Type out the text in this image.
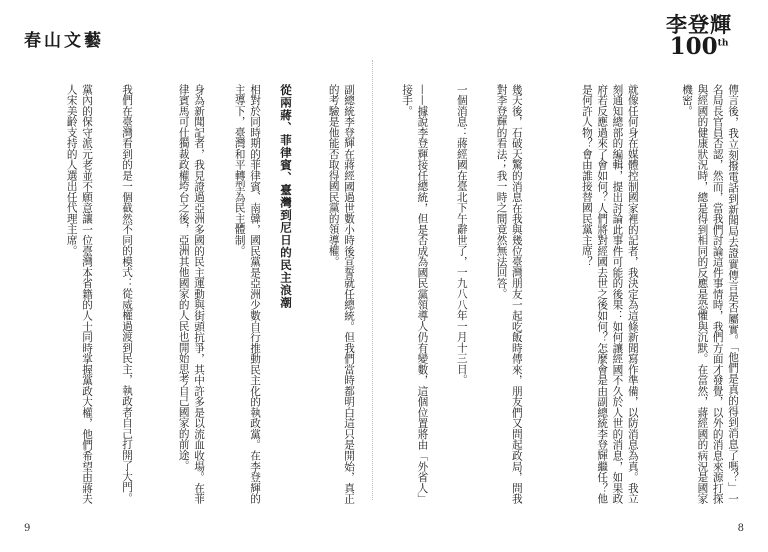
春山文藝
李登輝
100th
傳言後，我立刻撥電話到新聞局去證實傳言是否屬實。「他們是真的得到消息了嗎？」一名局長官員否認，然而，當我們討論這件事情時，我們方面才發覺，以外的消息來源打探與經國的健康狀況時，總是得到相同的反應是恐懼與沉默。在當然，蔣經國的病況是國家機密。
就像任何身在媒體控制國家裡的記者，我決定為這條新聞寫作準備，以防消息為真。我立刻通知總部的編輯，提出討論此事件可能的後果：如何讓經國不久於人世的消息，如果政府若反應過來了會如何？人們將對經國去世之後如何？怎麼會是由副總統李登輝繼任？他是何許人物？會由誰接替國民黨主席？
幾天後，石破天驚的消息在我與幾位臺灣朋友一起吃飯時傳來，朋友們又問起政局，問我對李登輝的看法；我一時之間竟然無法回答。
一個消息：蔣經國在臺北下午辭世了，一九八八年一月十三日。
——據說李登輝接任總統，但是否成為國民黨領導人仍有變數，這個位置將由「外省人」接手。
副總統李登輝在蔣經國過世數小時後宣誓就任總統。但我們當時都明白這只是開始，真正的考驗是他能否取得國民黨的領導權。
從兩蔣、菲律賓、臺灣到尼日的民主浪潮
相對於同時期的菲律賓、南韓，國民黨是亞洲少數自行推動民主化的執政黨。在李登輝的主導下，臺灣和平轉型為民主體制。
身為新聞記者，我見證過亞洲多國的民主運動與街頭抗爭，其中許多是以流血收場。在菲律賓馬可仕獨裁政權垮台之後，亞洲其他國家的人民也開始思考自己國家的前途。
我們在臺灣看到的是一個截然不同的模式：從威權過渡到民主，執政者自己打開了大門。
黨內的保守派元老並不願意讓一位臺灣本省籍的人士同時掌握黨政大權，他們希望由蔣夫人宋美齡支持的人選出任代理主席。
9	8
